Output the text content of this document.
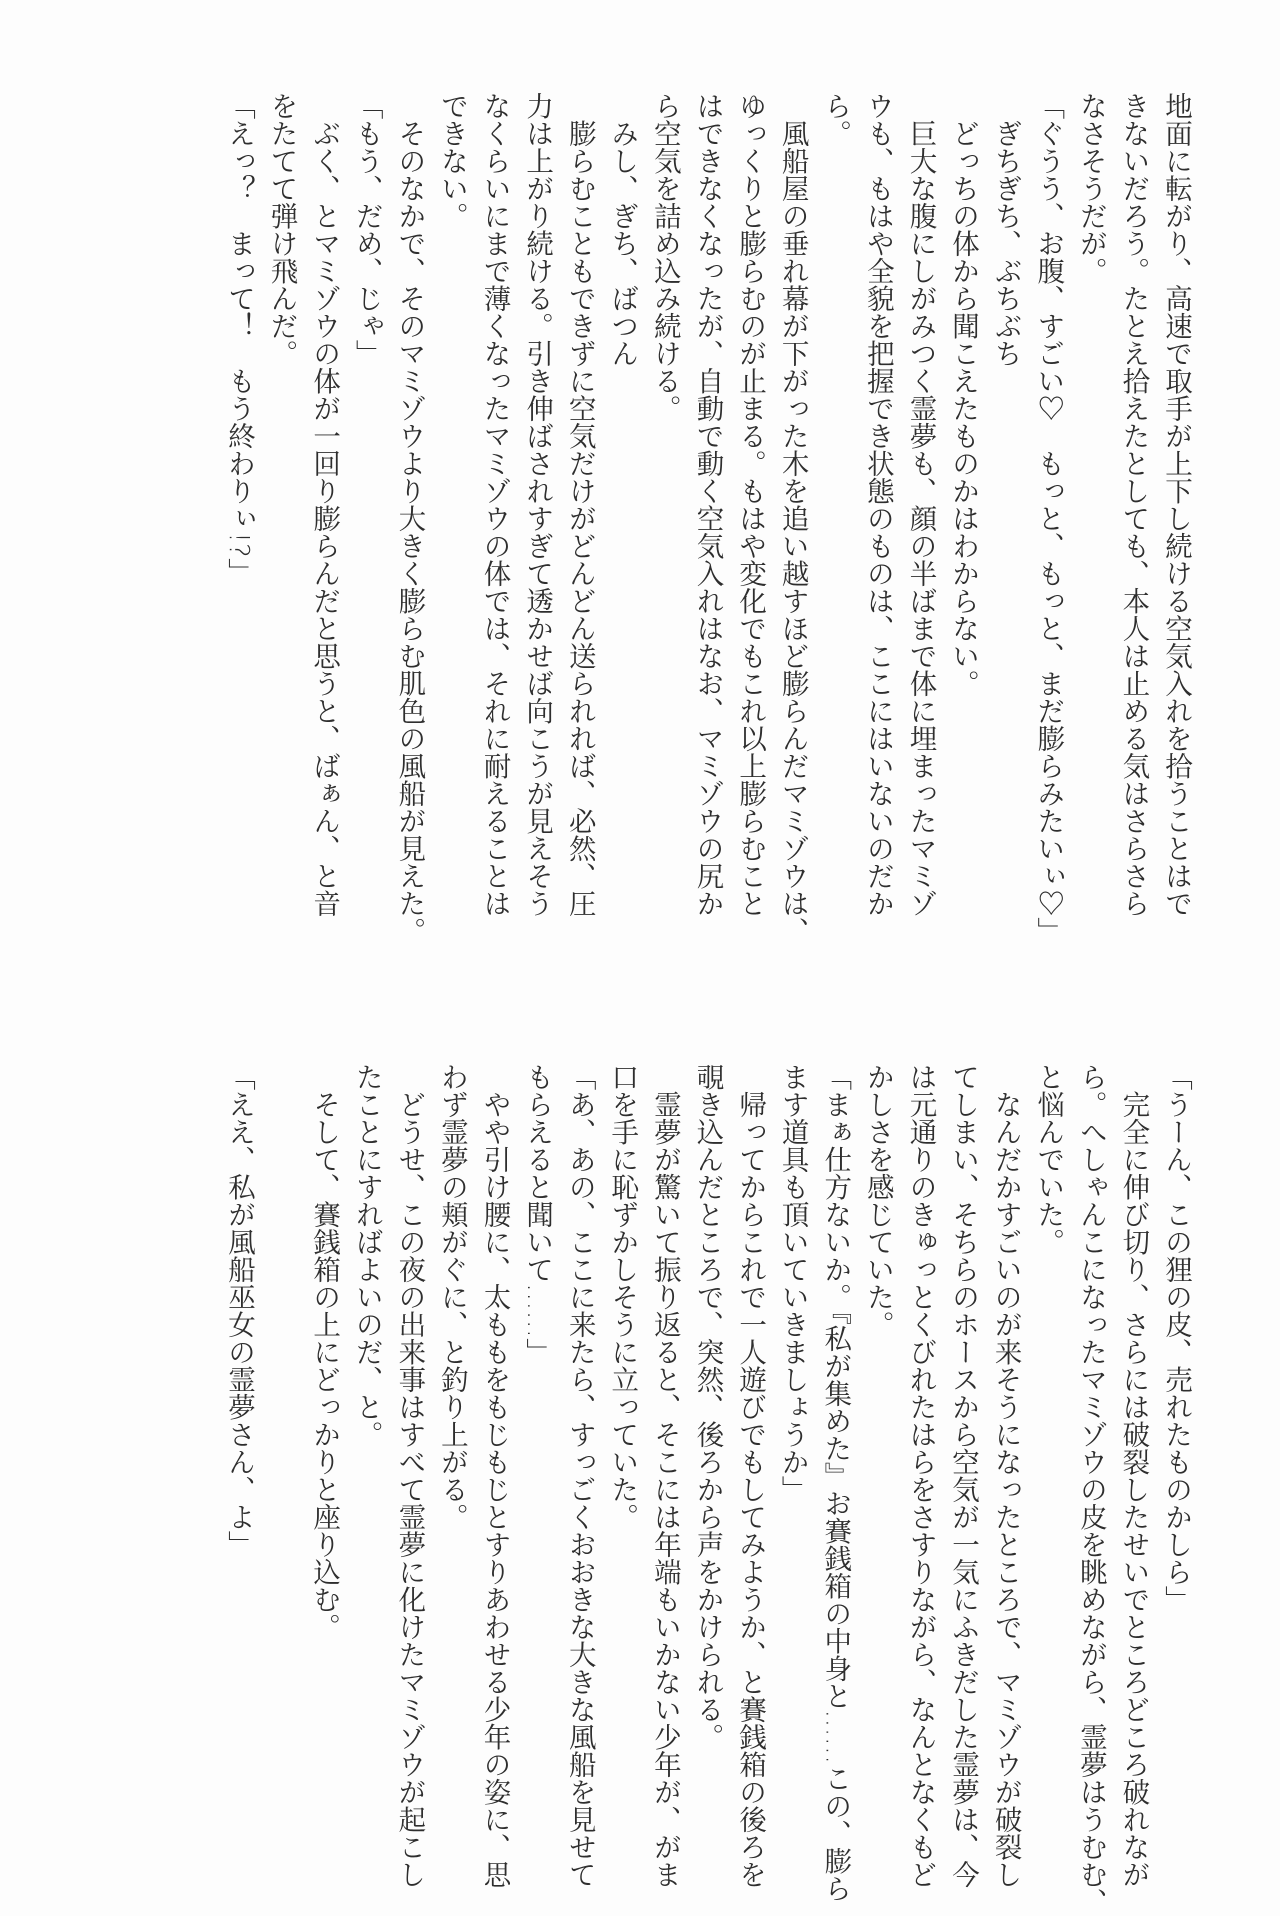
地面に転がり、高速で取手が上下し続ける空気入れを拾うことはで
きないだろう。たとえ拾えたとしても、本人は止める気はさらさら
なさそうだが。
「ぐうう、お腹、すごい♡　もっと、もっと、まだ膨らみたいぃ♡」
　ぎちぎち、ぶちぶち
　どっちの体から聞こえたものかはわからない。
　巨大な腹にしがみつく霊夢も、顔の半ばまで体に埋まったマミゾ
ウも、もはや全貌を把握でき状態のものは、ここにはいないのだか
ら。
　風船屋の垂れ幕が下がった木を追い越すほど膨らんだマミゾウは、
ゆっくりと膨らむのが止まる。もはや変化でもこれ以上膨らむこと
はできなくなったが、自動で動く空気入れはなお、マミゾウの尻か
ら空気を詰め込み続ける。
　みし、ぎち、ばつん
　膨らむこともできずに空気だけがどんどん送られれば、必然、圧
力は上がり続ける。引き伸ばされすぎて透かせば向こうが見えそう
なくらいにまで薄くなったマミゾウの体では、それに耐えることは
できない。
　そのなかで、そのマミゾウより大きく膨らむ肌色の風船が見えた。
「もう、だめ、じゃ」
　ぶく、とマミゾウの体が一回り膨らんだと思うと、ばぁん、と音
をたてて弾け飛んだ。
「えっ？　まって！　もう終わりぃ!?」
「うーん、この狸の皮、売れたものかしら」
　完全に伸び切り、さらには破裂したせいでところどころ破れなが
ら。へしゃんこになったマミゾウの皮を眺めながら、霊夢はうむむ、
と悩んでいた。
　なんだかすごいのが来そうになったところで、マミゾウが破裂し
てしまい、そちらのホースから空気が一気にふきだした霊夢は、今
は元通りのきゅっとくびれたはらをさすりながら、なんとなくもど
かしさを感じていた。
「まぁ仕方ないか。『私が集めた』お賽銭箱の中身と……この、膨ら
ます道具も頂いていきましょうか」
　帰ってからこれで一人遊びでもしてみようか、と賽銭箱の後ろを
覗き込んだところで、突然、後ろから声をかけられる。
　霊夢が驚いて振り返ると、そこには年端もいかない少年が、がま
口を手に恥ずかしそうに立っていた。
「あ、あの、ここに来たら、すっごくおおきな大きな風船を見せて
もらえると聞いて……」
　やや引け腰に、太ももをもじもじとすりあわせる少年の姿に、思
わず霊夢の頬がぐに、と釣り上がる。
　どうせ、この夜の出来事はすべて霊夢に化けたマミゾウが起こし
たことにすればよいのだ、と。
　そして、賽銭箱の上にどっかりと座り込む。
「ええ、私が風船巫女の霊夢さん、よ」
